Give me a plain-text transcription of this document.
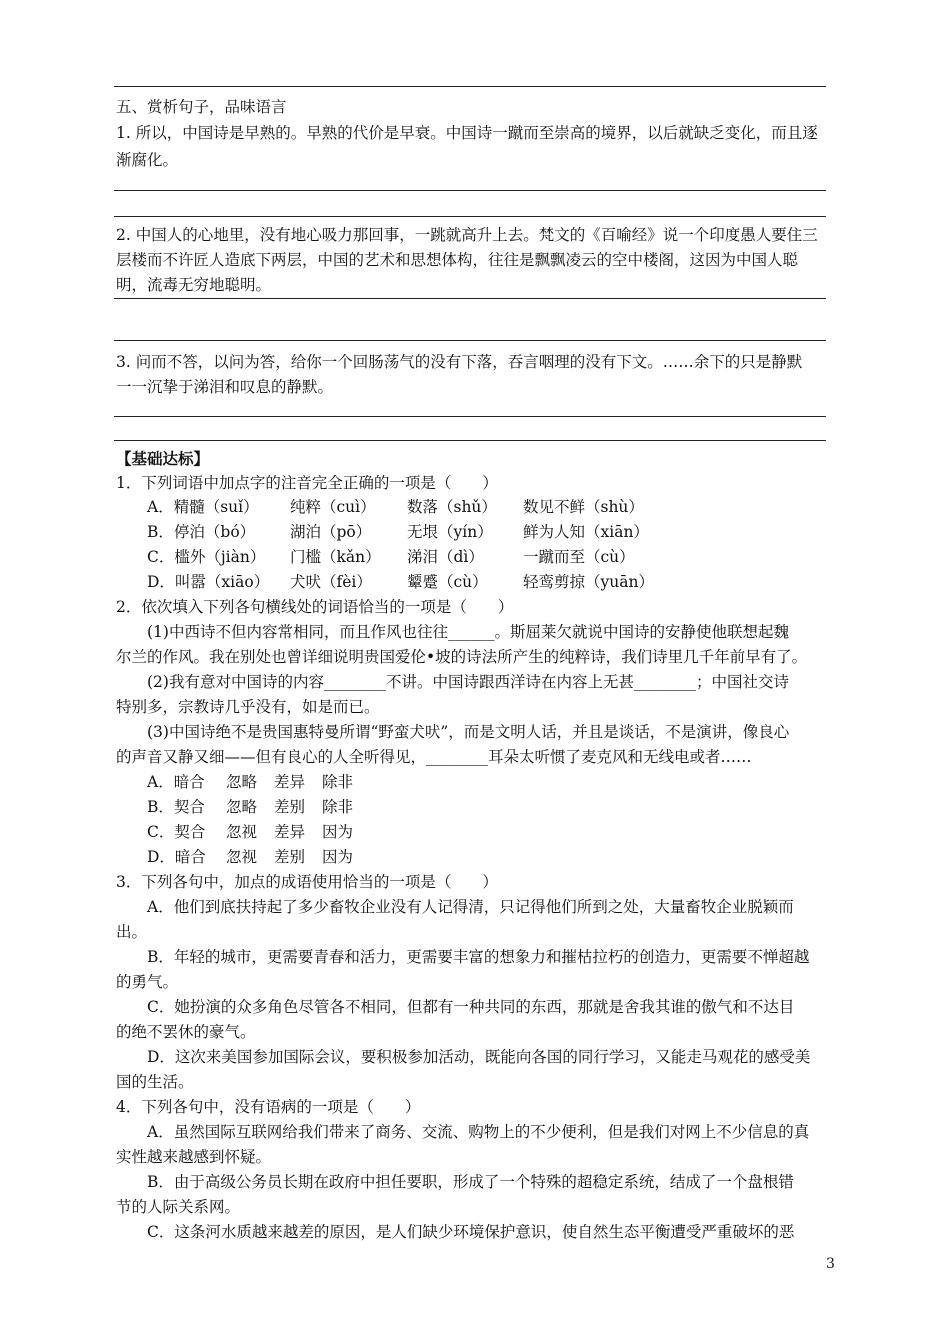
五、赏析句子，品味语言
1. 所以，中国诗是早熟的。早熟的代价是早衰。中国诗一蹴而至崇高的境界，以后就缺乏变化，而且逐
渐腐化。
2. 中国人的心地里，没有地心吸力那回事，一跳就高升上去。梵文的《百喻经》说一个印度愚人要住三
层楼而不许匠人造底下两层，中国的艺术和思想体构，往往是飘飘凌云的空中楼阁，这因为中国人聪
明，流毒无穷地聪明。
3. 问而不答，以问为答，给你一个回肠荡气的没有下落，吞言咽理的没有下文。……余下的只是静默
一一沉挚于涕泪和叹息的静默。
【基础达标】
1．下列词语中加点字的注音完全正确的一项是（　　）
A．精髓（suǐ） 纯粹（cuì） 数落（shǔ） 数见不鲜（shù）
B．停泊（bó） 湖泊（pō） 无垠（yín） 鲜为人知（xiān）
C．槛外（jiàn） 门槛（kǎn） 涕泪（dì）	一蹴而至（cù）
D．叫嚣（xiāo） 犬吠（fèi） 颦蹙（cù） 轻鸾剪掠（yuān）
2．依次填入下列各句横线处的词语恰当的一项是（　　）
(1)中西诗不但内容常相同，而且作风也往往______。斯屈莱欠就说中国诗的安静使他联想起魏
尔兰的作风。我在别处也曾详细说明贵国爱伦•坡的诗法所产生的纯粹诗，我们诗里几千年前早有了。
(2)我有意对中国诗的内容________不讲。中国诗跟西洋诗在内容上无甚________；中国社交诗
特别多，宗教诗几乎没有，如是而已。
(3)中国诗绝不是贵国惠特曼所谓“野蛮犬吠”，而是文明人话，并且是谈话，不是演讲，像良心
的声音又静又细——但有良心的人全听得见，________耳朵太听惯了麦克风和无线电或者……
A．暗合 忽略 差异 除非
B．契合 忽略 差别 除非
C．契合 忽视 差异 因为
D．暗合 忽视 差别 因为
3．下列各句中，加点的成语使用恰当的一项是（　　）
A．他们到底扶持起了多少畜牧企业没有人记得清，只记得他们所到之处，大量畜牧企业脱颖而
出。
B．年轻的城市，更需要青春和活力，更需要丰富的想象力和摧枯拉朽的创造力，更需要不惮超越
的勇气。
C．她扮演的众多角色尽管各不相同，但都有一种共同的东西，那就是舍我其谁的傲气和不达目
的绝不罢休的豪气。
D．这次来美国参加国际会议，要积极参加活动，既能向各国的同行学习，又能走马观花的感受美
国的生活。
4．下列各句中，没有语病的一项是（　　）
A．虽然国际互联网给我们带来了商务、交流、购物上的不少便利，但是我们对网上不少信息的真
实性越来越感到怀疑。
B．由于高级公务员长期在政府中担任要职，形成了一个特殊的超稳定系统，结成了一个盘根错
节的人际关系网。
C．这条河水质越来越差的原因，是人们缺少环境保护意识，使自然生态平衡遭受严重破坏的恶
3
